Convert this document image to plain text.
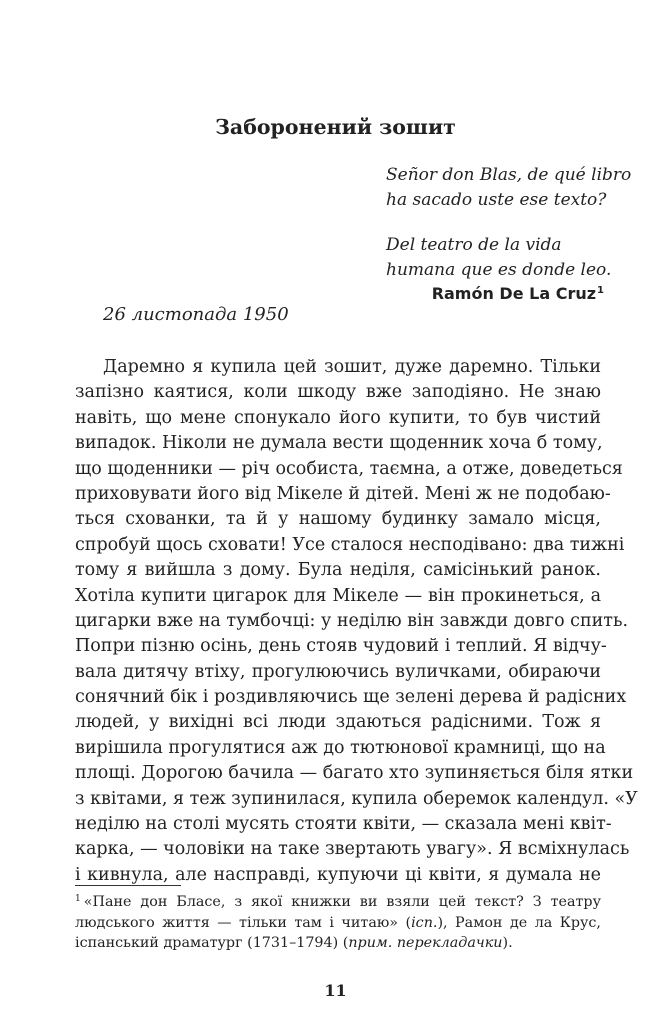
Заборонений зошит

Señor don Blas, de qué libro
ha sacado uste ese texto?

Del teatro de la vida
humana que es donde leo.

Ramón De La Cruz$^1$
26 листопада 1950
Даремно я купила цей зошит, дуже даремно. Тільки
запізно каятися, коли шкоду вже заподіяно. Не знаю
навіть, що мене спонукало його купити, то був чистий
випадок. Ніколи не думала вести щоденник хоча б тому,
що щоденники — річ особиста, таємна, а отже, доведеться
приховувати його від Мікеле й дітей. Мені ж не подобаю-
ться схованки, та й у нашому будинку замало місця,
спробуй щось сховати! Усе сталося несподівано: два тижні
тому я вийшла з дому. Була неділя, самісінький ранок.
Хотіла купити цигарок для Мікеле — він прокинеться, а
цигарки вже на тумбочці: у неділю він завжди довго спить.
Попри пізню осінь, день стояв чудовий і теплий. Я відчу-
вала дитячу втіху, прогулюючись вуличками, обираючи
сонячний бік і роздивляючись ще зелені дерева й радісних
людей, у вихідні всі люди здаються радісними. Тож я
вирішила прогулятися аж до тютюнової крамниці, що на
площі. Дорогою бачила — багато хто зупиняється біля ятки
з квітами, я теж зупинилася, купила оберемок календул. «У
неділю на столі мусять стояти квіти, — сказала мені квіт-
карка, — чоловіки на таке звертають увагу». Я всміхнулась
і кивнула, але насправді, купуючи ці квіти, я думала не
$^1$ «Пане дон Бласе, з якої книжки ви взяли цей текст? З театру
людського життя — тільки там і читаю» (ісп.), Рамон де ла Крус,
іспанський драматург (1731–1794) (прим. перекладачки).
11
